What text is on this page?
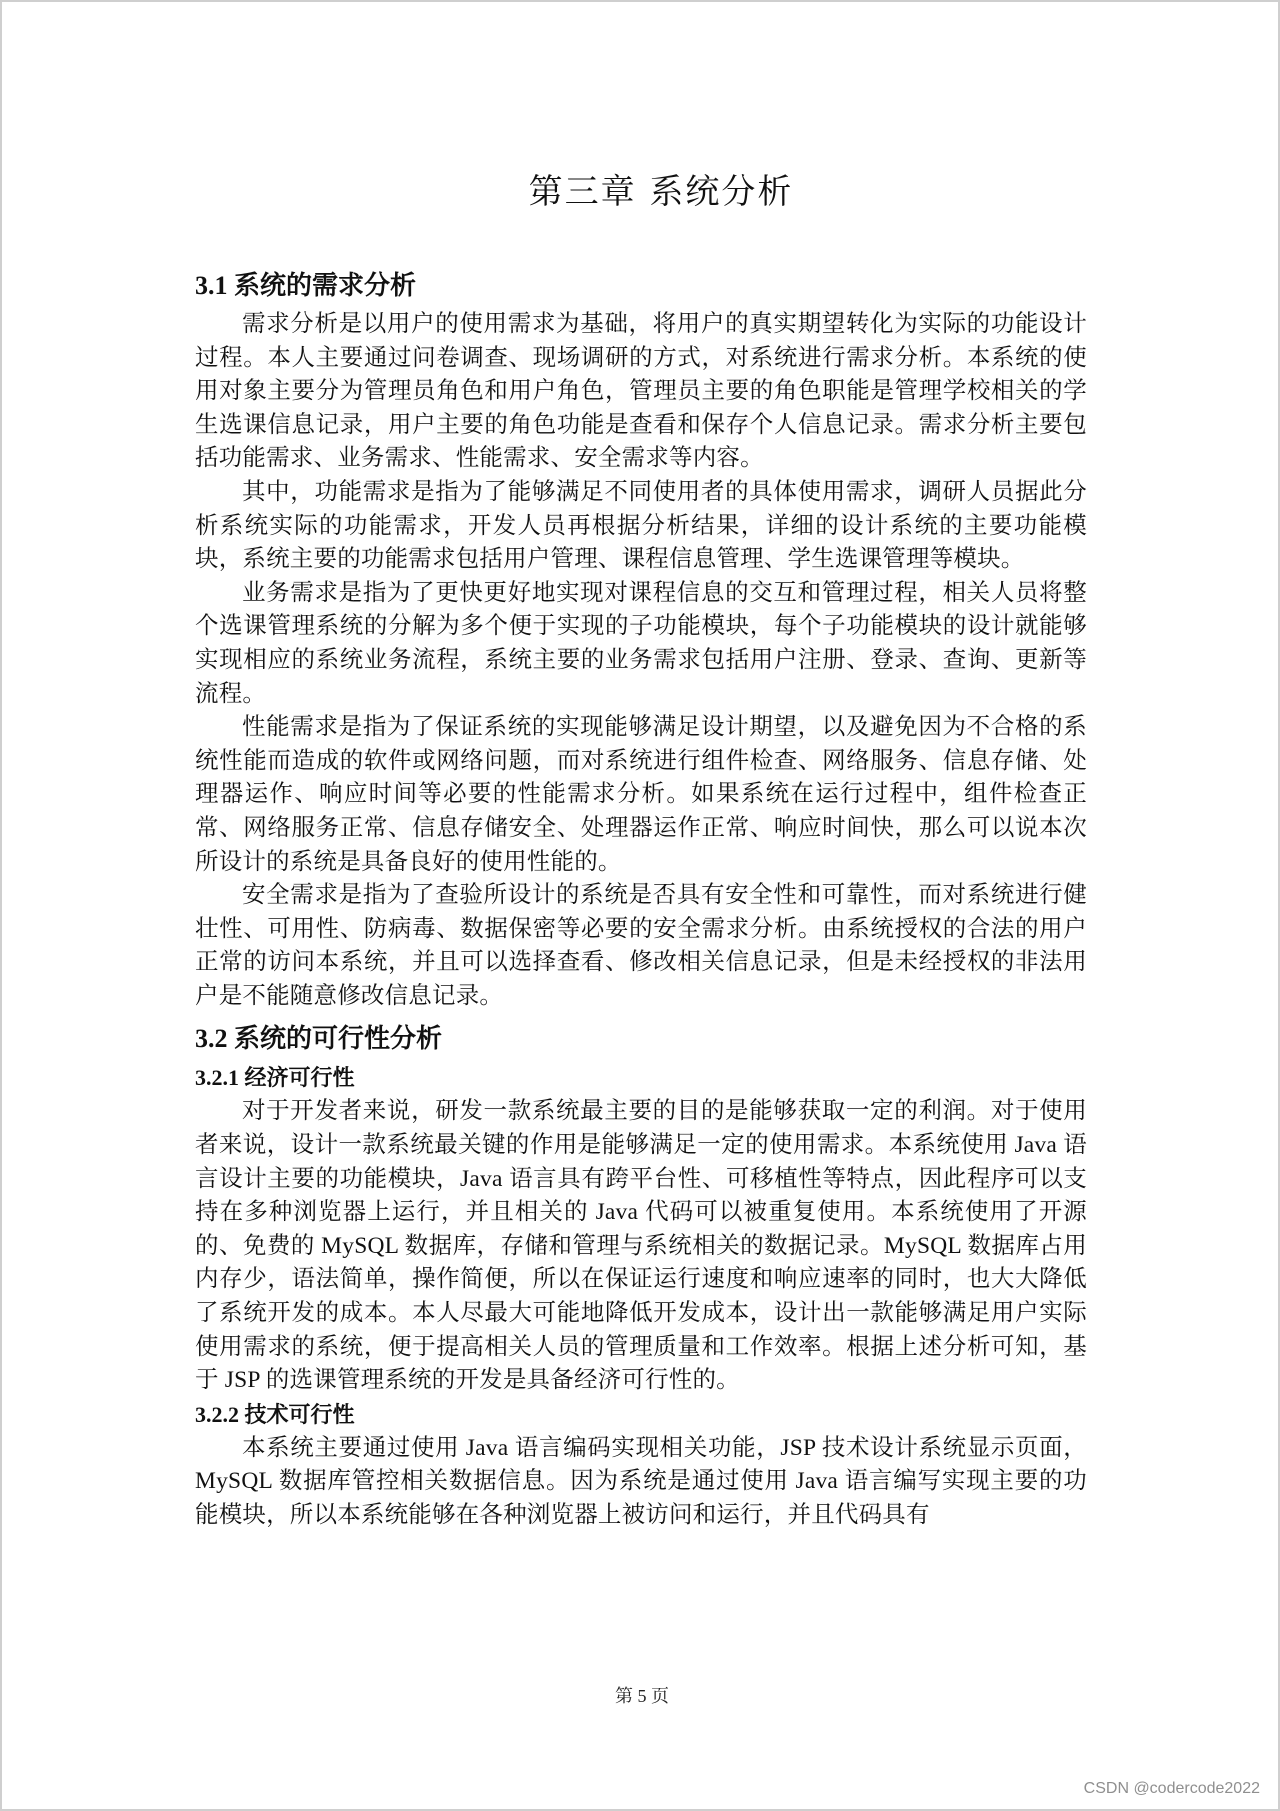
第三章 系统分析
3.1 系统的需求分析

需求分析是以用户的使用需求为基础，将用户的真实期望转化为实际的功能设计过程。本人主要通过问卷调查、现场调研的方式，对系统进行需求分析。本系统的使用对象主要分为管理员角色和用户角色，管理员主要的角色职能是管理学校相关的学生选课信息记录，用户主要的角色功能是查看和保存个人信息记录。需求分析主要包括功能需求、业务需求、性能需求、安全需求等内容。

其中，功能需求是指为了能够满足不同使用者的具体使用需求，调研人员据此分析系统实际的功能需求，开发人员再根据分析结果，详细的设计系统的主要功能模块，系统主要的功能需求包括用户管理、课程信息管理、学生选课管理等模块。

业务需求是指为了更快更好地实现对课程信息的交互和管理过程，相关人员将整个选课管理系统的分解为多个便于实现的子功能模块，每个子功能模块的设计就能够实现相应的系统业务流程，系统主要的业务需求包括用户注册、登录、查询、更新等流程。

性能需求是指为了保证系统的实现能够满足设计期望，以及避免因为不合格的系统性能而造成的软件或网络问题，而对系统进行组件检查、网络服务、信息存储、处理器运作、响应时间等必要的性能需求分析。如果系统在运行过程中，组件检查正常、网络服务正常、信息存储安全、处理器运作正常、响应时间快，那么可以说本次所设计的系统是具备良好的使用性能的。

安全需求是指为了查验所设计的系统是否具有安全性和可靠性，而对系统进行健壮性、可用性、防病毒、数据保密等必要的安全需求分析。由系统授权的合法的用户正常的访问本系统，并且可以选择查看、修改相关信息记录，但是未经授权的非法用户是不能随意修改信息记录。

3.2 系统的可行性分析
3.2.1 经济可行性

对于开发者来说，研发一款系统最主要的目的是能够获取一定的利润。对于使用者来说，设计一款系统最关键的作用是能够满足一定的使用需求。本系统使用 Java 语言设计主要的功能模块，Java 语言具有跨平台性、可移植性等特点，因此程序可以支持在多种浏览器上运行，并且相关的 Java 代码可以被重复使用。本系统使用了开源的、免费的 MySQL 数据库，存储和管理与系统相关的数据记录。MySQL 数据库占用内存少，语法简单，操作简便，所以在保证运行速度和响应速率的同时，也大大降低了系统开发的成本。本人尽最大可能地降低开发成本，设计出一款能够满足用户实际使用需求的系统，便于提高相关人员的管理质量和工作效率。根据上述分析可知，基于 JSP 的选课管理系统的开发是具备经济可行性的。

3.2.2 技术可行性

本系统主要通过使用 Java 语言编码实现相关功能，JSP 技术设计系统显示页面，MySQL 数据库管控相关数据信息。因为系统是通过使用 Java 语言编写实现主要的功能模块，所以本系统能够在各种浏览器上被访问和运行，并且代码具有

第 5 页
CSDN @codercode2022
